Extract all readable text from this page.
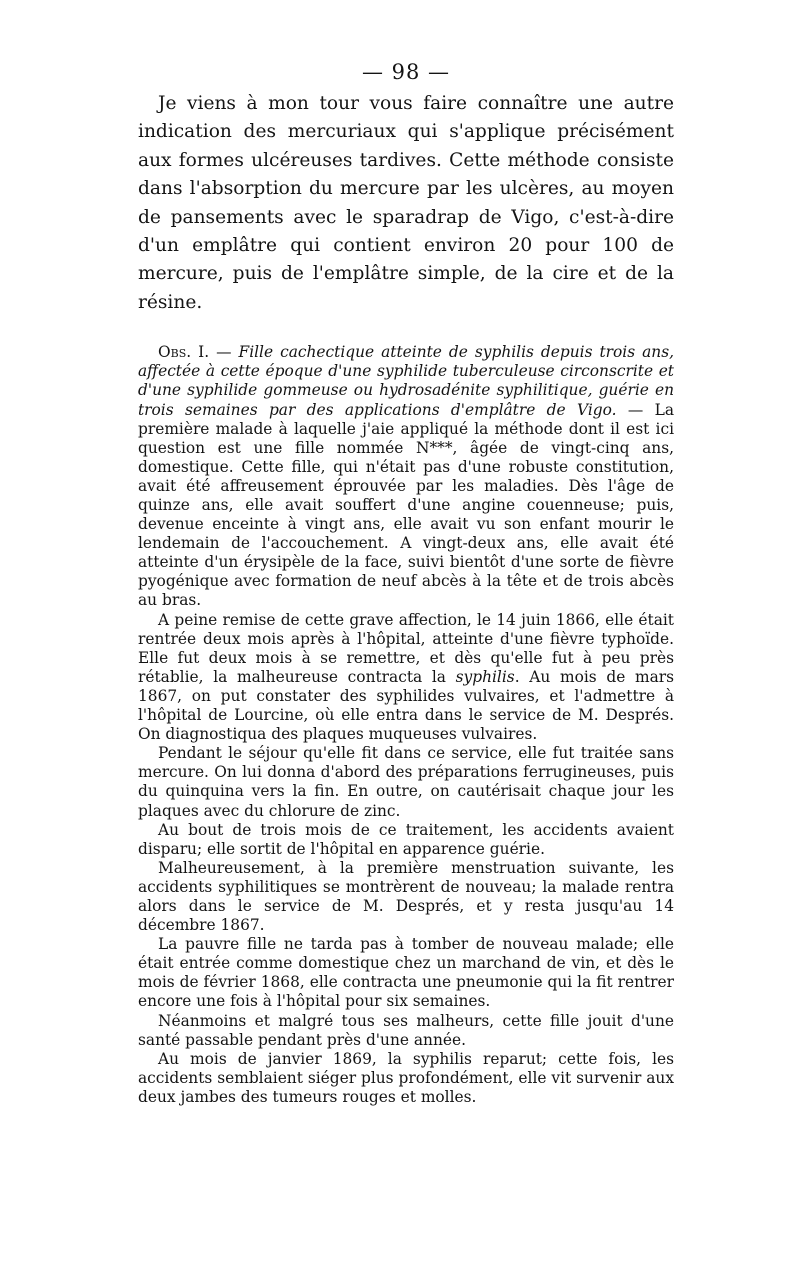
— 98 —

Je viens à mon tour vous faire connaître une autre indication des mercuriaux qui s'applique précisément aux formes ulcéreuses tardives. Cette méthode consiste dans l'absorption du mercure par les ulcères, au moyen de pansements avec le sparadrap de Vigo, c'est-à-dire d'un emplâtre qui contient environ 20 pour 100 de mercure, puis de l'emplâtre simple, de la cire et de la résine.

Obs. I. — Fille cachectique atteinte de syphilis depuis trois ans, affectée à cette époque d'une syphilide tuberculeuse circonscrite et d'une syphilide gommeuse ou hydrosadénite syphilitique, guérie en trois semaines par des applications d'emplâtre de Vigo. — La première malade à laquelle j'aie appliqué la méthode dont il est ici question est une fille nommée N***, âgée de vingt-cinq ans, domestique. Cette fille, qui n'était pas d'une robuste constitution, avait été affreusement éprouvée par les maladies. Dès l'âge de quinze ans, elle avait souffert d'une angine couenneuse; puis, devenue enceinte à vingt ans, elle avait vu son enfant mourir le lendemain de l'accouchement. A vingt-deux ans, elle avait été atteinte d'un érysipèle de la face, suivi bientôt d'une sorte de fièvre pyogénique avec formation de neuf abcès à la tête et de trois abcès au bras.

A peine remise de cette grave affection, le 14 juin 1866, elle était rentrée deux mois après à l'hôpital, atteinte d'une fièvre typhoïde. Elle fut deux mois à se remettre, et dès qu'elle fut à peu près rétablie, la malheureuse contracta la syphilis. Au mois de mars 1867, on put constater des syphilides vulvaires, et l'admettre à l'hôpital de Lourcine, où elle entra dans le service de M. Després. On diagnostiqua des plaques muqueuses vulvaires.

Pendant le séjour qu'elle fit dans ce service, elle fut traitée sans mercure. On lui donna d'abord des préparations ferrugineuses, puis du quinquina vers la fin. En outre, on cautérisait chaque jour les plaques avec du chlorure de zinc.

Au bout de trois mois de ce traitement, les accidents avaient disparu; elle sortit de l'hôpital en apparence guérie.

Malheureusement, à la première menstruation suivante, les accidents syphilitiques se montrèrent de nouveau; la malade rentra alors dans le service de M. Després, et y resta jusqu'au 14 décembre 1867.

La pauvre fille ne tarda pas à tomber de nouveau malade; elle était entrée comme domestique chez un marchand de vin, et dès le mois de février 1868, elle contracta une pneumonie qui la fit rentrer encore une fois à l'hôpital pour six semaines.

Néanmoins et malgré tous ses malheurs, cette fille jouit d'une santé passable pendant près d'une année.

Au mois de janvier 1869, la syphilis reparut; cette fois, les accidents semblaient siéger plus profondément, elle vit survenir aux deux jambes des tumeurs rouges et molles.
